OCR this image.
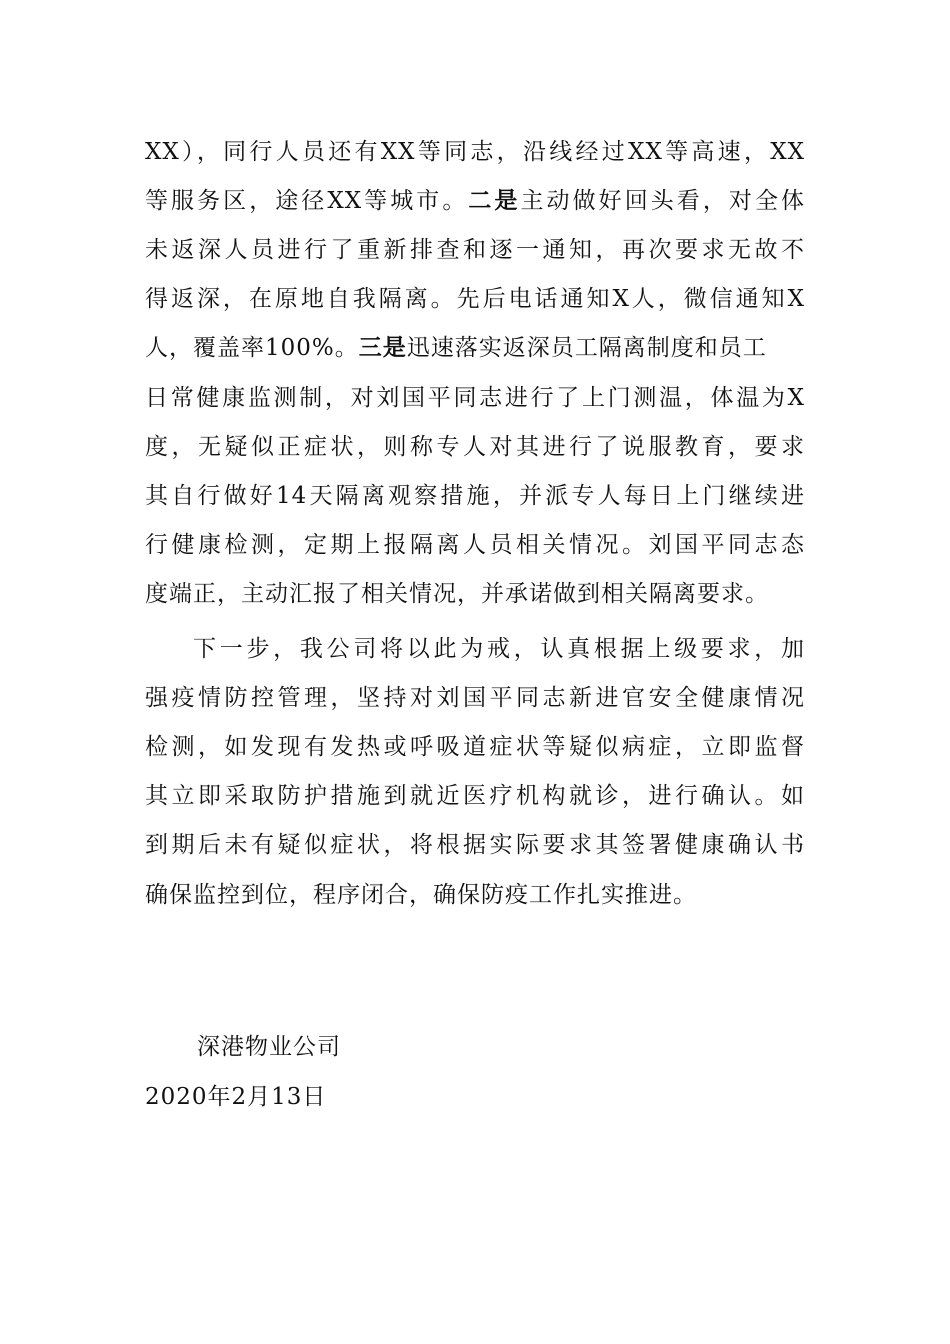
XX），同行人员还有XX等同志，沿线经过XX等高速，XX
等服务区，途径XX等城市。二是主动做好回头看，对全体
未返深人员进行了重新排查和逐一通知，再次要求无故不
得返深，在原地自我隔离。先后电话通知X人，微信通知X
人，覆盖率100%。三是迅速落实返深员工隔离制度和员工
日常健康监测制，对刘国平同志进行了上门测温，体温为X
度，无疑似正症状，则称专人对其进行了说服教育，要求
其自行做好14天隔离观察措施，并派专人每日上门继续进
行健康检测，定期上报隔离人员相关情况。刘国平同志态
度端正，主动汇报了相关情况，并承诺做到相关隔离要求。
下一步，我公司将以此为戒，认真根据上级要求，加
强疫情防控管理，坚持对刘国平同志新进官安全健康情况
检测，如发现有发热或呼吸道症状等疑似病症，立即监督
其立即采取防护措施到就近医疗机构就诊，进行确认。如
到期后未有疑似症状，将根据实际要求其签署健康确认书
确保监控到位，程序闭合，确保防疫工作扎实推进。
深港物业公司
2020年2月13日
